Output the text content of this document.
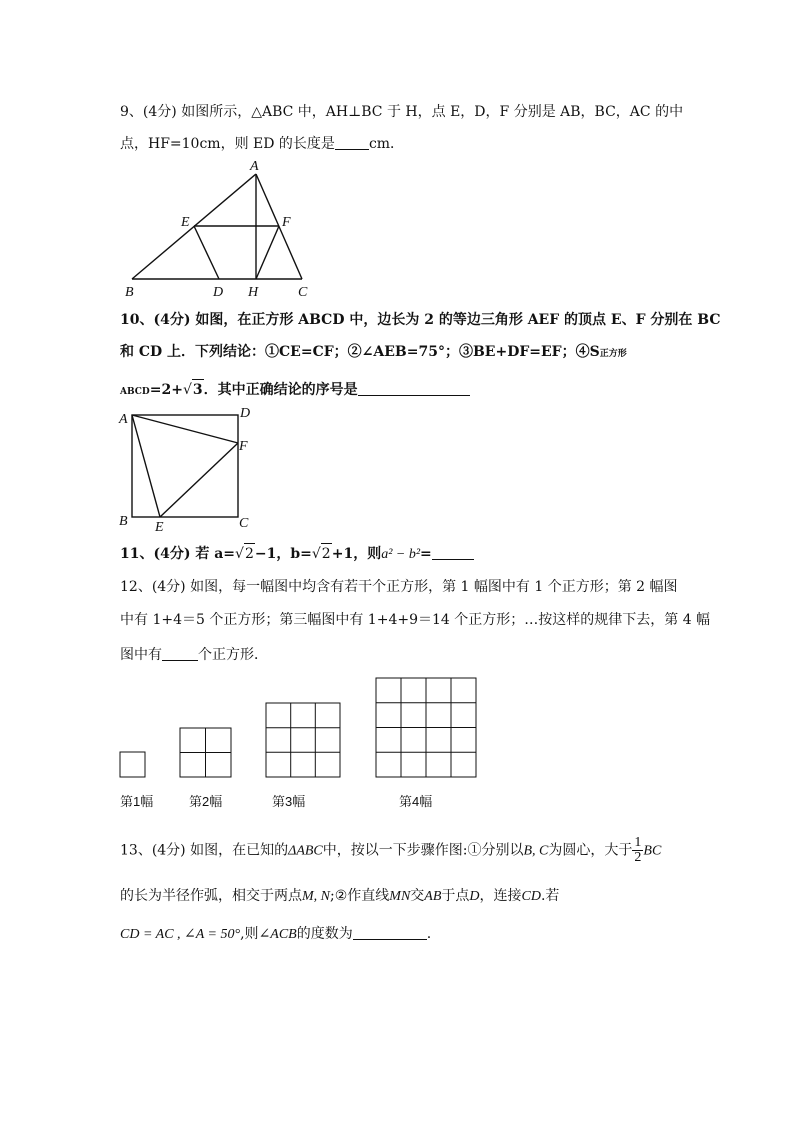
9、(4分) 如图所示，△ABC 中，AH⊥BC 于 H，点 E，D，F 分别是 AB，BC，AC 的中
点，HF=10cm，则 ED 的长度是 cm．
A
E	F
B	D H	C
10、(4分) 如图，在正方形 ABCD 中，边长为 2 的等边三角形 AEF 的顶点 E、F 分别在 BC
和 CD 上．下列结论：①CE=CF；②∠AEB=75°；③BE+DF=EF；④S正方形
ABCD=2+√3．其中正确结论的序号是
A	D
F
B E	C
11、(4分) 若 a=√2−1，b=√2+1，则a² − b²=
12、(4分) 如图，每一幅图中均含有若干个正方形，第 1 幅图中有 1 个正方形；第 2 幅图
中有 1+4＝5 个正方形；第三幅图中有 1+4+9＝14 个正方形；…按这样的规律下去，第 4 幅
图中有	个正方形．
第1幅	第2幅	第3幅	第4幅
13、(4分) 如图，在已知的ΔABC中，按以一下步骤作图:①分别以B, C为圆心，大于 $\frac{1}{2}$ BC
的长为半径作弧，相交于两点M, N;②作直线MN交AB于点D，连接CD.若
CD = AC , ∠A = 50°,则∠ACB的度数为	.
